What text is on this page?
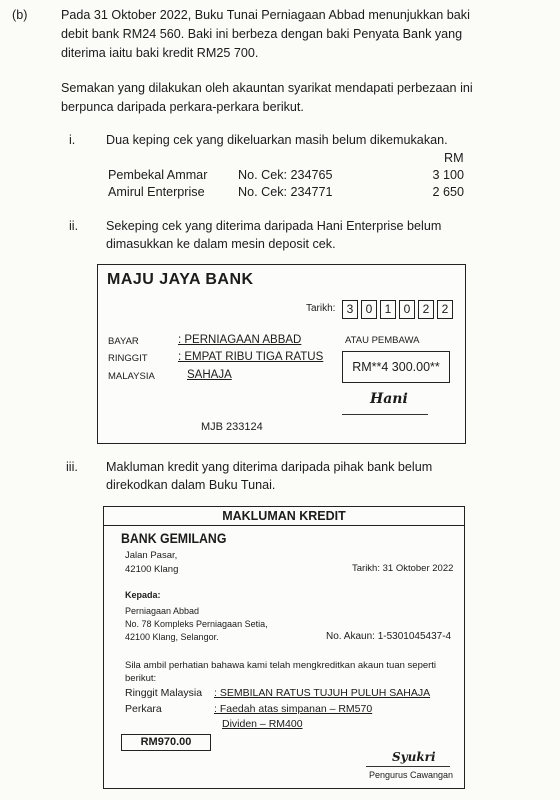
(b)	Pada 31 Oktober 2022, Buku Tunai Perniagaan Abbad menunjukkan baki
debit bank RM24 560. Baki ini berbeza dengan baki Penyata Bank yang
diterima iaitu baki kredit RM25 700.
Semakan yang dilakukan oleh akauntan syarikat mendapati perbezaan ini
berpunca daripada perkara-perkara berikut.
i. Dua keping cek yang dikeluarkan masih belum dikemukakan.
RM
Pembekal Ammar No. Cek: 234765	3 100
Amirul Enterprise	No. Cek: 234771	2 650
ii. Sekeping cek yang diterima daripada Hani Enterprise belum
dimasukkan ke dalam mesin deposit cek.
MAJU JAYA BANK
Tarikh: 3 0 1 0 2 2
BAYAR	: PERNIAGAAN ABBAD	ATAU PEMBAWA
RINGGIT	: EMPAT RIBU TIGA RATUS
MALAYSIA	SAHAJA
RM**4 300.00**
Hani
MJB 233124
iii. Makluman kredit yang diterima daripada pihak bank belum
direkodkan dalam Buku Tunai.
MAKLUMAN KREDIT
BANK GEMILANG
Jalan Pasar,
42100 Klang	Tarikh: 31 Oktober 2022
Kepada:
Perniagaan Abbad
No. 78 Kompleks Perniagaan Setia,
42100 Klang, Selangor.	No. Akaun: 1-5301045437-4
Sila ambil perhatian bahawa kami telah mengkreditkan akaun tuan seperti
berikut:
Ringgit Malaysia : SEMBILAN RATUS TUJUH PULUH SAHAJA
Perkara	: Faedah atas simpanan – RM570
Dividen – RM400
RM970.00
Syukri
Pengurus Cawangan
